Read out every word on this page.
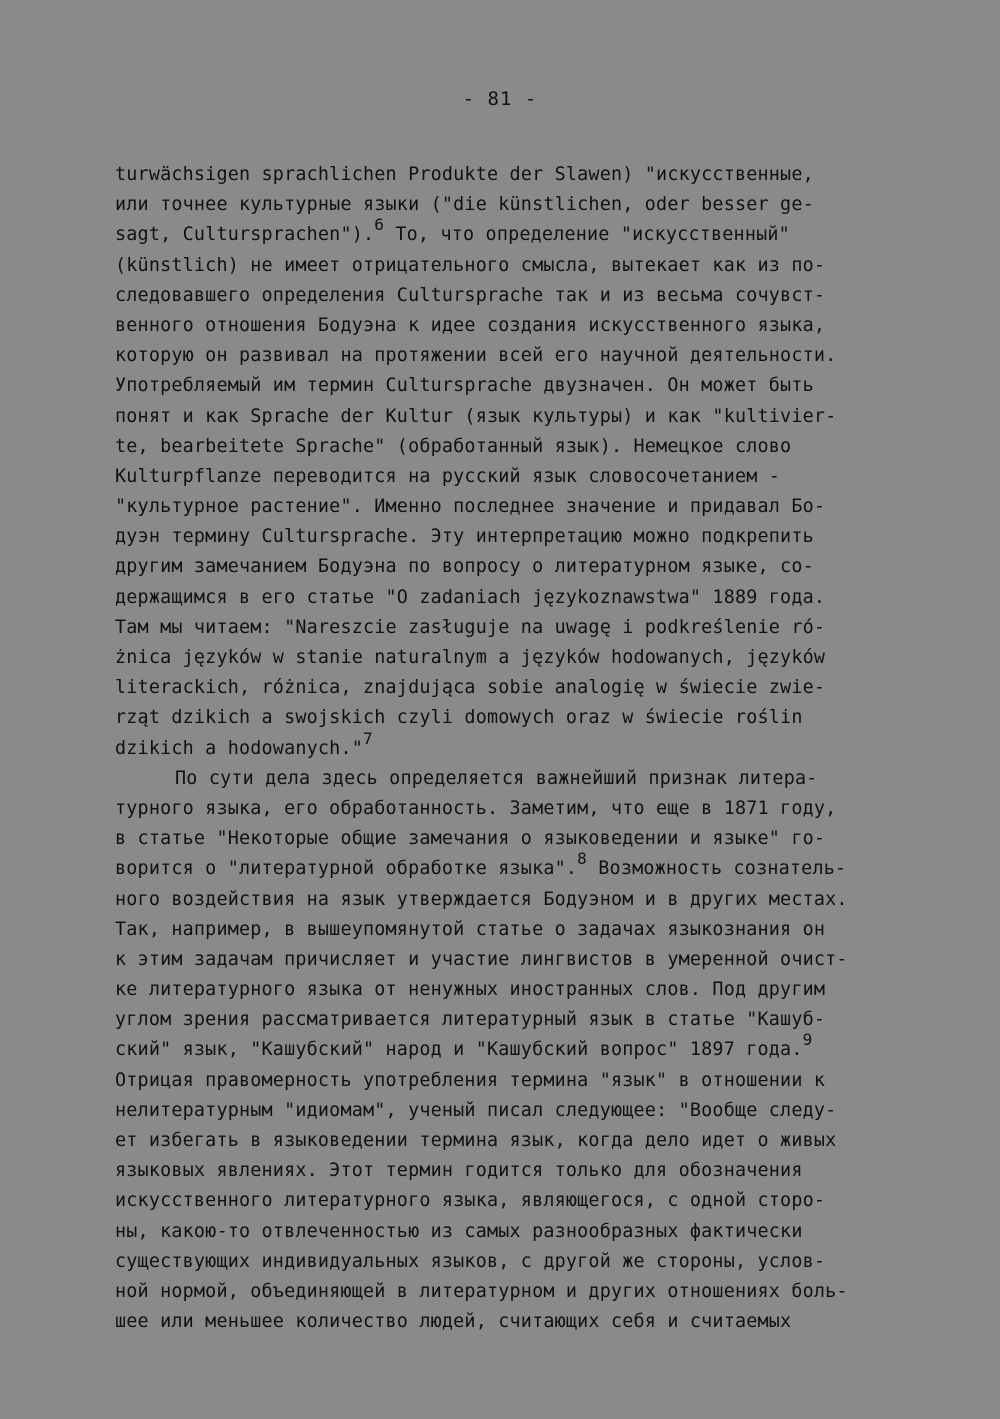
- 81 -
turwächsigen sprachlichen Produkte der Slawen) "искусственные,
или точнее культурные языки ("die künstlichen, oder besser ge-
sagt, Cultursprachen").$^6$ То, что определение "искусственный"
(künstlich) не имеет отрицательного смысла, вытекает как из по-
следовавшего определения Cultursprache так и из весьма сочувст-
венного отношения Бодуэна к идее создания искусственного языка,
которую он развивал на протяжении всей его научной деятельности.
Употребляемый им термин Cultursprache двузначен. Он может быть
понят и как Sprache der Kultur (язык культуры) и как "kultivier-
te, bearbeitete Sprache" (обработанный язык). Немецкое слово
Kulturpflanze переводится на русский язык словосочетанием -
"культурное растение". Именно последнее значение и придавал Бо-
дуэн термину Cultursprache. Эту интерпретацию можно подкрепить
другим замечанием Бодуэна по вопросу о литературном языке, со-
держащимся в его статье "O zadaniach językoznawstwa" 1889 года.
Там мы читаем: "Nareszcie zasługuje na uwagę i podkreślenie ró-
żnica języków w stanie naturalnym a języków hodowanych, języków
literackich, różnica, znajdująca sobie analogię w świecie zwie-
rząt dzikich a swojskich czyli domowych oraz w świecie roślin
dzikich a hodowanych."$^7$
По сути дела здесь определяется важнейший признак литера-
турного языка, его обработанность. Заметим, что еще в 1871 году,
в статье "Некоторые общие замечания о языковедении и языке" го-
ворится о "литературной обработке языка".$^8$ Возможность сознатель-
ного воздействия на язык утверждается Бодуэном и в других местах.
Так, например, в вышеупомянутой статье о задачах языкознания он
к этим задачам причисляет и участие лингвистов в умеренной очист-
ке литературного языка от ненужных иностранных слов. Под другим
углом зрения рассматривается литературный язык в статье "Кашуб-
ский" язык, "Кашубский" народ и "Кашубский вопрос" 1897 года.$^9$
Отрицая правомерность употребления термина "язык" в отношении к
нелитературным "идиомам", ученый писал следующее: "Вообще следу-
ет избегать в языковедении термина язык, когда дело идет о живых
языковых явлениях. Этот термин годится только для обозначения
искусственного литературного языка, являющегося, с одной сторо-
ны, какою-то отвлеченностью из самых разнообразных фактически
существующих индивидуальных языков, с другой же стороны, услов-
ной нормой, объединяющей в литературном и других отношениях боль-
шее или меньшее количество людей, считающих себя и считаемых
